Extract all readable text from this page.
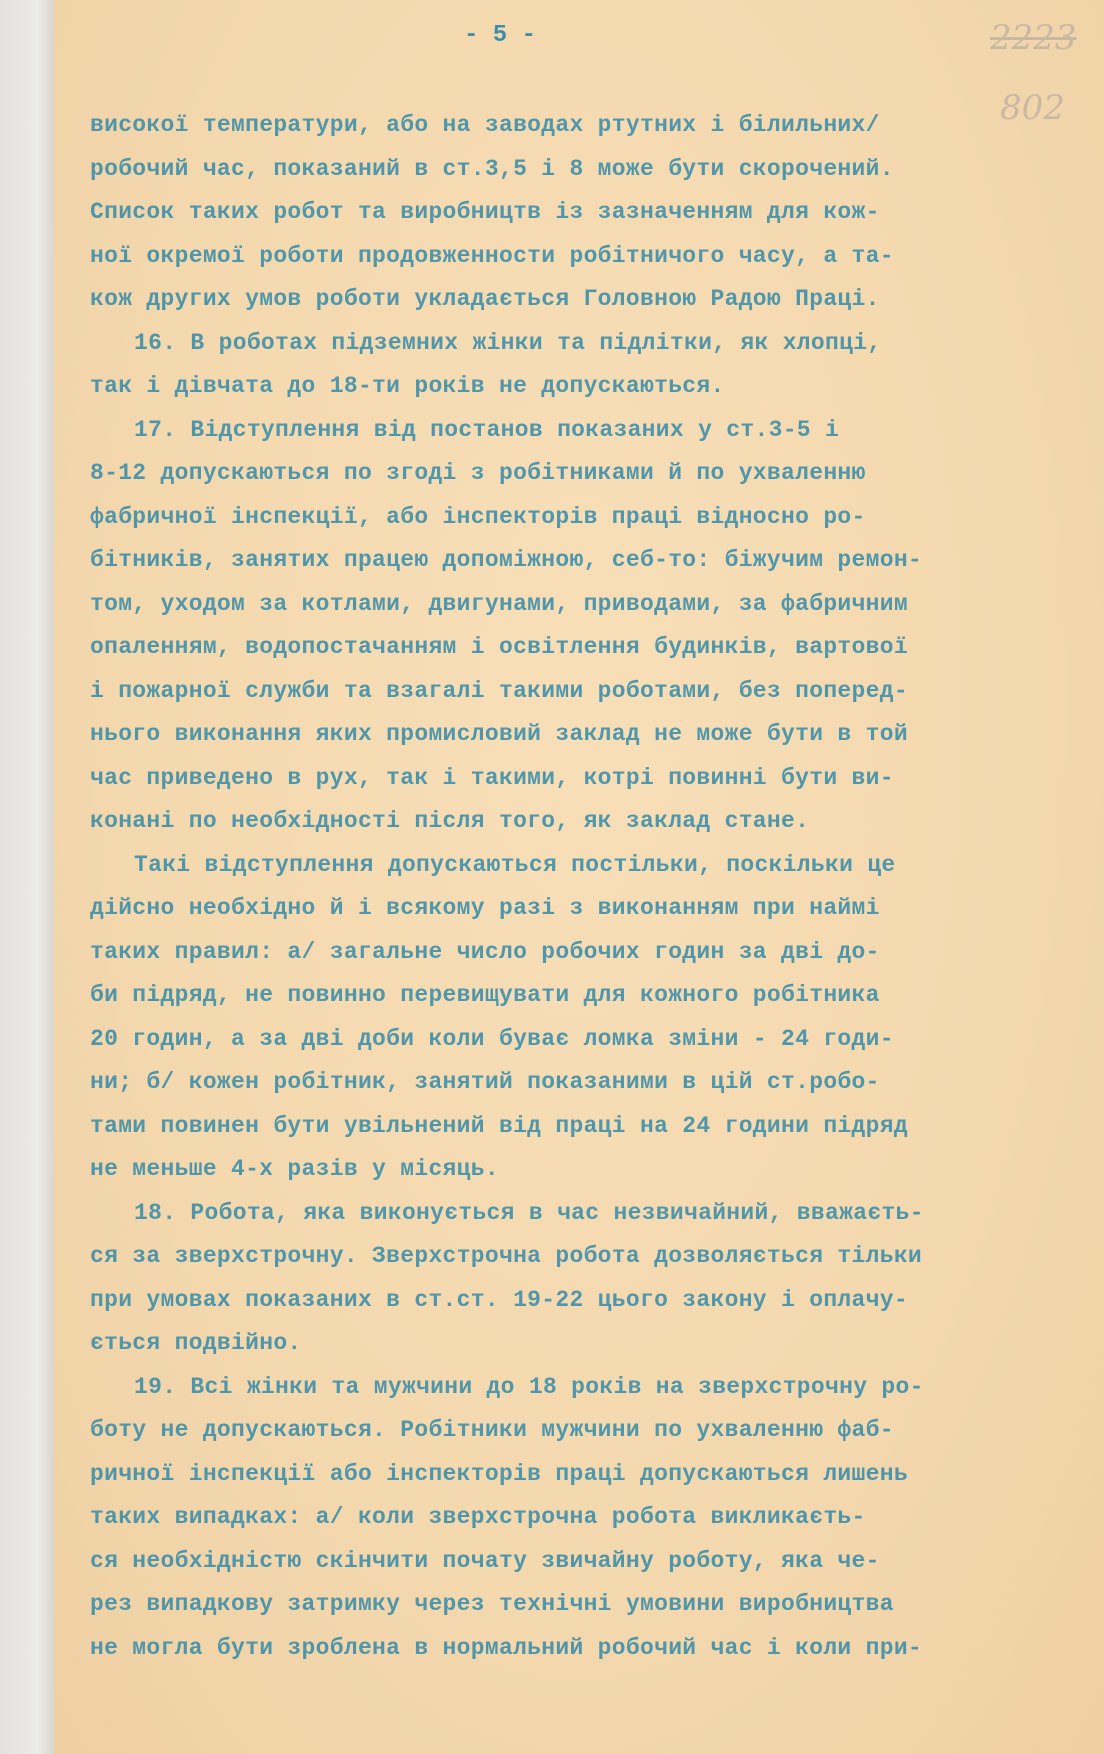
- 5 -	2223
802
високої температури, або на заводах ртутних і білильних/
робочий час, показаний в ст.3,5 і 8 може бути скорочений.
Список таких робот та виробництв із зазначенням для кож-
ної окремої роботи продовженности робітничого часу, а та-
кож других умов роботи укладається Головною Радою Праці.
16. В роботах підземних жінки та підлітки, як хлопці,
так і дівчата до 18-ти років не допускаються.
17. Відступлення від постанов показаних у ст.3-5 і
8-12 допускаються по згоді з робітниками й по ухваленню
фабричної інспекції, або інспекторів праці відносно ро-
бітників, занятих працею допоміжною, себ-то: біжучим ремон-
том, уходом за котлами, двигунами, приводами, за фабричним
опаленням, водопостачанням і освітлення будинків, вартової
і пожарної служби та взагалі такими роботами, без поперед-
нього виконання яких промисловий заклад не може бути в той
час приведено в рух, так і такими, котрі повинні бути ви-
конані по необхідності після того, як заклад стане.
Такі відступлення допускаються постільки, поскільки це
дійсно необхідно й і всякому разі з виконанням при наймі
таких правил: а/ загальне число робочих годин за дві до-
би підряд, не повинно перевищувати для кожного робітника
20 годин, а за дві доби коли буває ломка зміни - 24 годи-
ни; б/ кожен робітник, занятий показаними в цій ст.робо-
тами повинен бути увільнений від праці на 24 години підряд
не меньше 4-х разів у місяць.
18. Робота, яка виконується в час незвичайний, вважаєть-
ся за зверхстрочну. Зверхстрочна робота дозволяється тільки
при умовах показаних в ст.ст. 19-22 цього закону і оплачу-
ється подвійно.
19. Всі жінки та мужчини до 18 років на зверхстрочну ро-
боту не допускаються. Робітники мужчини по ухваленню фаб-
ричної інспекції або інспекторів праці допускаються лишень
таких випадках: а/ коли зверхстрочна робота викликаєть-
ся необхідністю скінчити почату звичайну роботу, яка че-
рез випадкову затримку через технічні умовини виробництва
не могла бути зроблена в нормальний робочий час і коли при-
